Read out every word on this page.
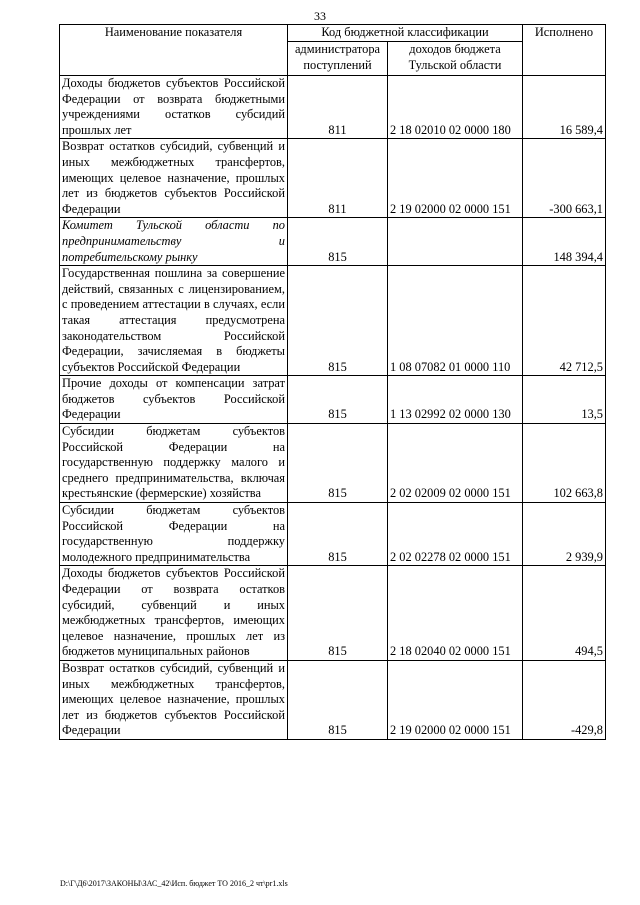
33
Наименование показателя	Код бюджетной классификации		Исполнено
	администратора поступлений	доходов бюджета Тульской области	
Доходы бюджетов субъектов Российской Федерации от возврата бюджетными учреждениями остатков субсидий прошлых лет	811	2 18 02010 02 0000 180	16 589,4
Возврат остатков субсидий, субвенций и иных межбюджетных трансфертов, имеющих целевое назначение, прошлых лет из бюджетов субъектов Российской Федерации	811	2 19 02000 02 0000 151	-300 663,1
Комитет Тульской области по предпринимательству и потребительскому рынку	815		148 394,4
Государственная пошлина за совершение действий, связанных с лицензированием, с проведением аттестации в случаях, если такая аттестация предусмотрена законодательством Российской Федерации, зачисляемая в бюджеты субъектов Российской Федерации	815	1 08 07082 01 0000 110	42 712,5
Прочие доходы от компенсации затрат бюджетов субъектов Российской Федерации	815	1 13 02992 02 0000 130	13,5
Субсидии бюджетам субъектов Российской Федерации на государственную поддержку малого и среднего предпринимательства, включая крестьянские (фермерские) хозяйства	815	2 02 02009 02 0000 151	102 663,8
Субсидии бюджетам субъектов Российской Федерации на государственную поддержку молодежного предпринимательства	815	2 02 02278 02 0000 151	2 939,9
Доходы бюджетов субъектов Российской Федерации от возврата остатков субсидий, субвенций и иных межбюджетных трансфертов, имеющих целевое назначение, прошлых лет из бюджетов муниципальных районов	815	2 18 02040 02 0000 151	494,5
Возврат остатков субсидий, субвенций и иных межбюджетных трансфертов, имеющих целевое назначение, прошлых лет из бюджетов субъектов Российской Федерации	815	2 19 02000 02 0000 151	-429,8
D:\Г\Д6\2017\ЗАКОНЫ\ЗАС_42\Исп. бюджет ТО 2016_2 чт\pr1.xls
